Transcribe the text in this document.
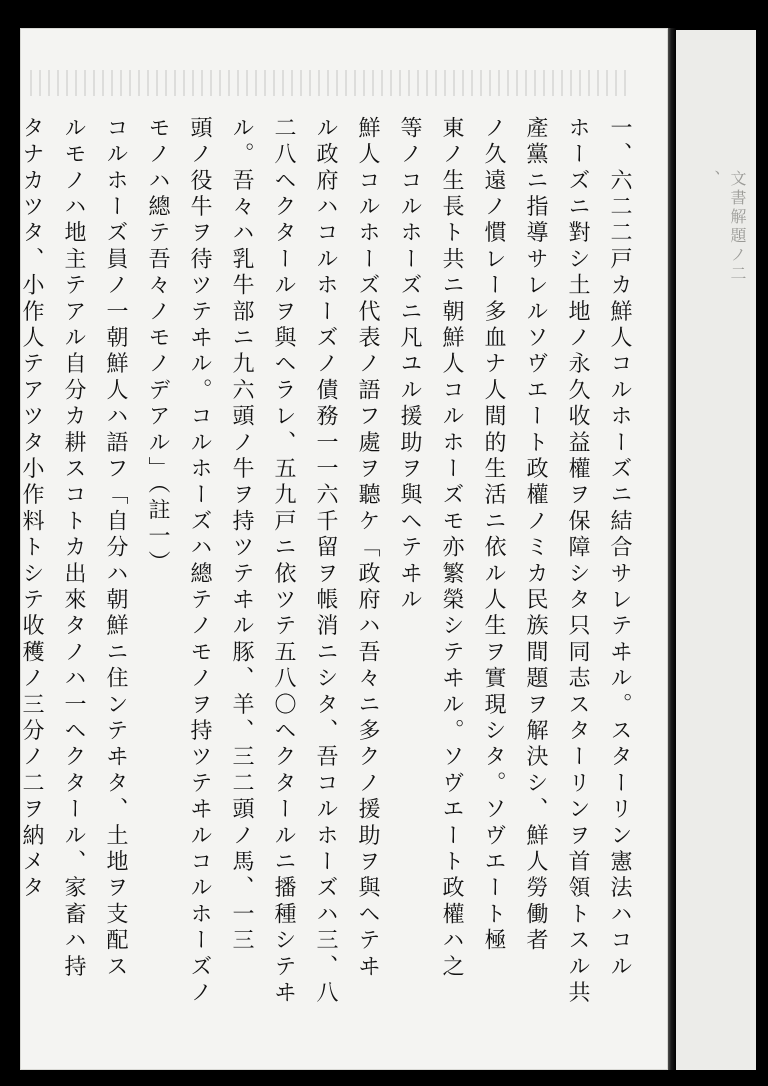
一、六二二戸カ鮮人コルホーズニ結合サレテヰル。スターリン憲法ハコル

ホーズニ對シ土地ノ永久收益權ヲ保障シタ只同志スターリンヲ首領トスル共

產黨ニ指導サレルソヴエート政權ノミカ民族間題ヲ解決シ、鮮人勞働者

ノ久遠ノ慣レー多血ナ人間的生活ニ依ル人生ヲ實現シタ。ソヴエート極

東ノ生長ト共ニ朝鮮人コルホーズモ亦繁榮シテヰル。ソヴエート政權ハ之

等ノコルホーズニ凡ユル援助ヲ與ヘテヰル

鮮人コルホーズ代表ノ語フ處ヲ聽ケ「政府ハ吾々ニ多クノ援助ヲ與ヘテヰ

ル政府ハコルホーズノ債務一一六千留ヲ帳消ニシタ、吾コルホーズハ三、八

二八ヘクタールヲ與ヘラレ、五九戸ニ依ツテ五八〇ヘクタールニ播種シテヰ

ル。吾々ハ乳牛部ニ九六頭ノ牛ヲ持ツテヰル豚、羊、三二頭ノ馬、一三

頭ノ役牛ヲ待ツテヰル。コルホーズハ總テノモノヲ持ツテヰルコルホーズノ

モノハ總テ吾々ノモノデアル」（註一）

コルホーズ員ノ一朝鮮人ハ語フ「自分ハ朝鮮ニ住ンテヰタ、土地ヲ支配ス

ルモノハ地主テアル自分カ耕スコトカ出來タノハ一ヘクタール、家畜ハ持

タナカツタ、小作人テアツタ小作料トシテ收穫ノ三分ノ二ヲ納メタ	文書解題ノ二

、
